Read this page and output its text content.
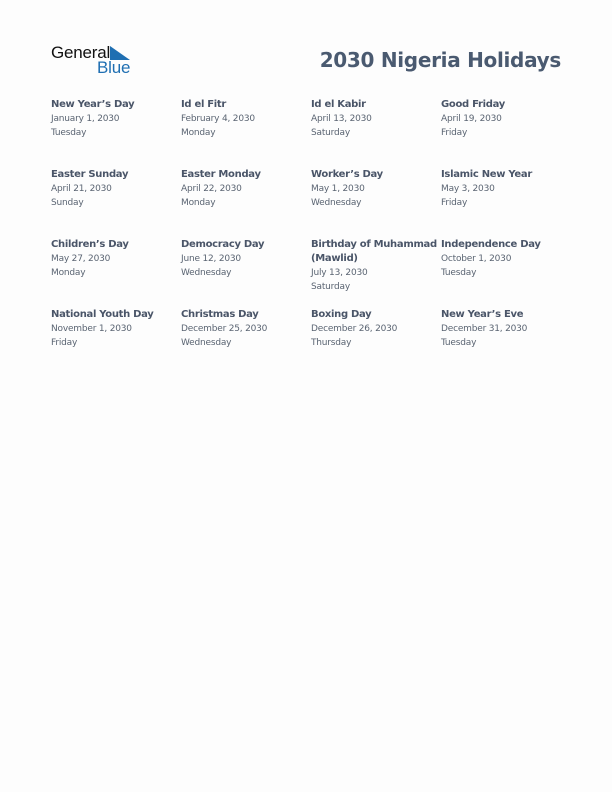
General
Blue	2030 Nigeria Holidays
New Year’s Day
January 1, 2030
Tuesday
Id el Fitr
February 4, 2030
Monday
Id el Kabir
April 13, 2030
Saturday
Good Friday
April 19, 2030
Friday
Easter Sunday
April 21, 2030
Sunday
Easter Monday
April 22, 2030
Monday
Worker’s Day
May 1, 2030
Wednesday
Islamic New Year
May 3, 2030
Friday
Children’s Day
May 27, 2030
Monday
Democracy Day
June 12, 2030
Wednesday
Birthday of Muhammad (Mawlid)
July 13, 2030
Saturday
Independence Day
October 1, 2030
Tuesday
National Youth Day
November 1, 2030
Friday
Christmas Day
December 25, 2030
Wednesday
Boxing Day
December 26, 2030
Thursday
New Year’s Eve
December 31, 2030
Tuesday
